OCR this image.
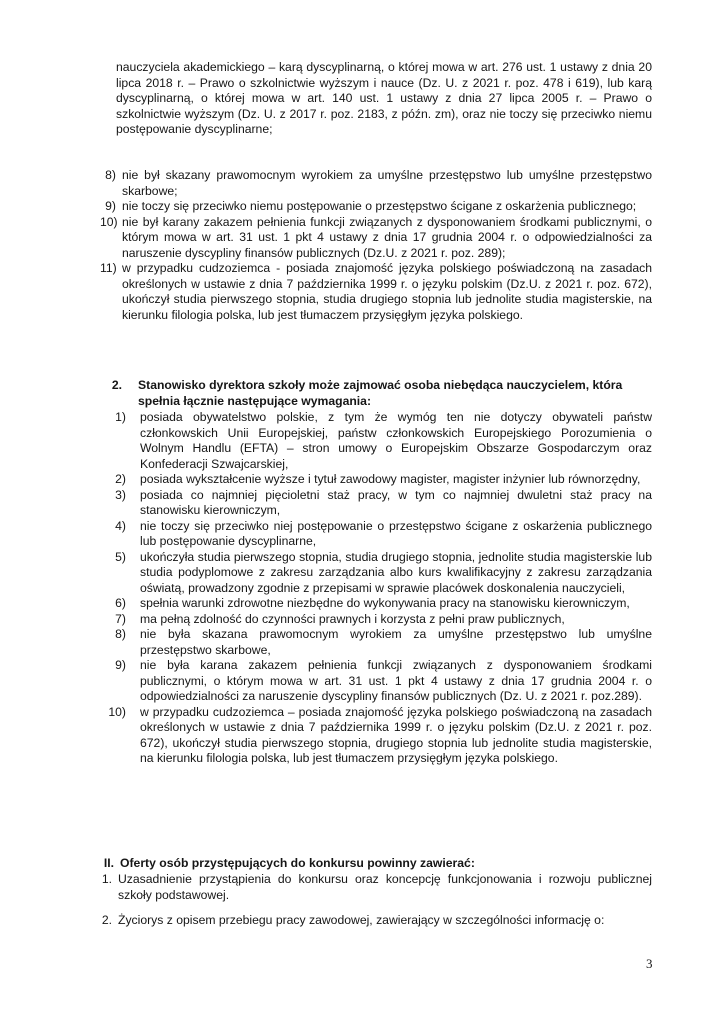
nauczyciela akademickiego – karą dyscyplinarną, o której mowa w art. 276 ust. 1 ustawy z dnia 20 lipca 2018 r. – Prawo o szkolnictwie wyższym i nauce (Dz. U. z 2021 r. poz. 478 i 619), lub karą dyscyplinarną, o której mowa w art. 140 ust. 1 ustawy z dnia 27 lipca 2005 r. – Prawo o szkolnictwie wyższym (Dz. U. z 2017 r. poz. 2183, z późn. zm), oraz nie toczy się przeciwko niemu postępowanie dyscyplinarne;
8) nie był skazany prawomocnym wyrokiem za umyślne przestępstwo lub umyślne przestępstwo skarbowe;
9) nie toczy się przeciwko niemu postępowanie o przestępstwo ścigane z oskarżenia publicznego;
10) nie był karany zakazem pełnienia funkcji związanych z dysponowaniem środkami publicznymi, o którym mowa w art. 31 ust. 1 pkt 4 ustawy z dnia 17 grudnia 2004 r. o odpowiedzialności za naruszenie dyscypliny finansów publicznych (Dz.U. z 2021 r. poz. 289);
11) w przypadku cudzoziemca - posiada znajomość języka polskiego poświadczoną na zasadach określonych w ustawie z dnia 7 października 1999 r. o języku polskim (Dz.U. z 2021 r. poz. 672), ukończył studia pierwszego stopnia, studia drugiego stopnia lub jednolite studia magisterskie, na kierunku filologia polska, lub jest tłumaczem przysięgłym języka polskiego.
2. Stanowisko dyrektora szkoły może zajmować osoba niebędąca nauczycielem, która spełnia łącznie następujące wymagania:
1) posiada obywatelstwo polskie, z tym że wymóg ten nie dotyczy obywateli państw członkowskich Unii Europejskiej, państw członkowskich Europejskiego Porozumienia o Wolnym Handlu (EFTA) – stron umowy o Europejskim Obszarze Gospodarczym oraz Konfederacji Szwajcarskiej,
2) posiada wykształcenie wyższe i tytuł zawodowy magister, magister inżynier lub równorzędny,
3) posiada co najmniej pięcioletni staż pracy, w tym co najmniej dwuletni staż pracy na stanowisku kierowniczym,
4) nie toczy się przeciwko niej postępowanie o przestępstwo ścigane z oskarżenia publicznego lub postępowanie dyscyplinarne,
5) ukończyła studia pierwszego stopnia, studia drugiego stopnia, jednolite studia magisterskie lub studia podyplomowe z zakresu zarządzania albo kurs kwalifikacyjny z zakresu zarządzania oświatą, prowadzony zgodnie z przepisami w sprawie placówek doskonalenia nauczycieli,
6) spełnia warunki zdrowotne niezbędne do wykonywania pracy na stanowisku kierowniczym,
7) ma pełną zdolność do czynności prawnych i korzysta z pełni praw publicznych,
8) nie była skazana prawomocnym wyrokiem za umyślne przestępstwo lub umyślne przestępstwo skarbowe,
9) nie była karana zakazem pełnienia funkcji związanych z dysponowaniem środkami publicznymi, o którym mowa w art. 31 ust. 1 pkt 4 ustawy z dnia 17 grudnia 2004 r. o odpowiedzialności za naruszenie dyscypliny finansów publicznych (Dz. U. z 2021 r. poz.289).
10) w przypadku cudzoziemca – posiada znajomość języka polskiego poświadczoną na zasadach określonych w ustawie z dnia 7 października 1999 r. o języku polskim (Dz.U. z 2021 r. poz. 672), ukończył studia pierwszego stopnia, drugiego stopnia lub jednolite studia magisterskie, na kierunku filologia polska, lub jest tłumaczem przysięgłym języka polskiego.
II. Oferty osób przystępujących do konkursu powinny zawierać:
1. Uzasadnienie przystąpienia do konkursu oraz koncepcję funkcjonowania i rozwoju publicznej szkoły podstawowej.
2. Życiorys z opisem przebiegu pracy zawodowej, zawierający w szczególności informację o:
3
